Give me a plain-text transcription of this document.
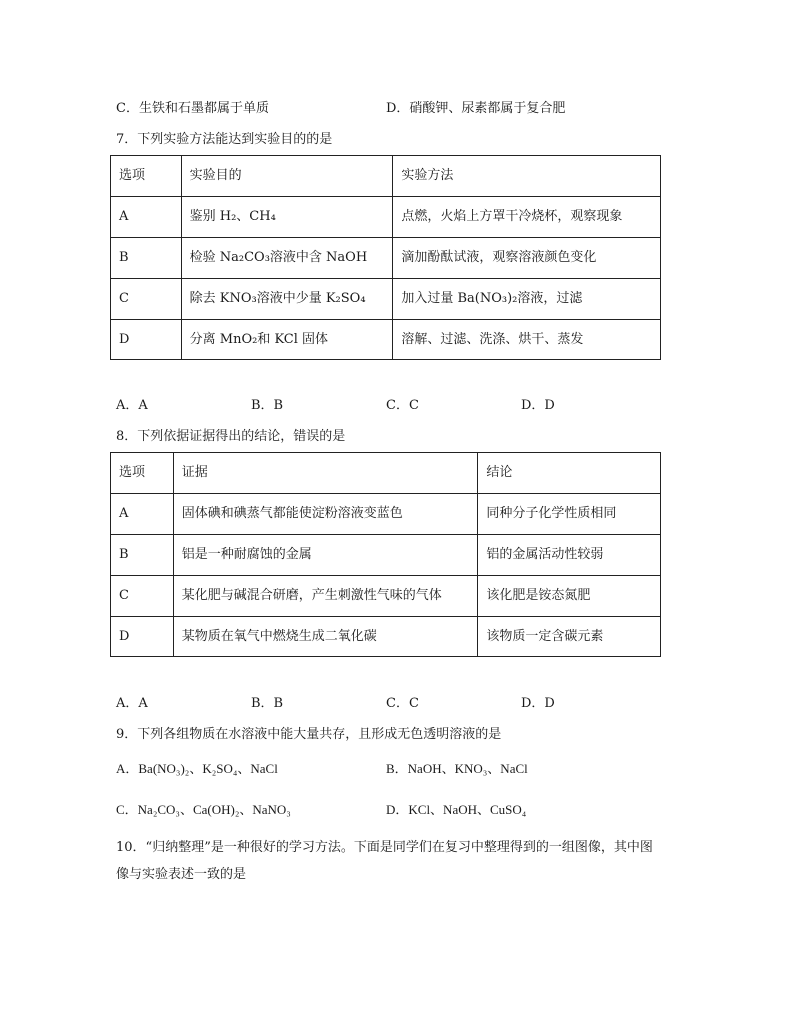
C．生铁和石墨都属于单质	D．硝酸钾、尿素都属于复合肥
7．下列实验方法能达到实验目的的是
选项	实验目的	实验方法
A	鉴别 H₂、CH₄	点燃，火焰上方罩干冷烧杯，观察现象
B	检验 Na₂CO₃溶液中含 NaOH	滴加酚酞试液，观察溶液颜色变化
C	除去 KNO₃溶液中少量 K₂SO₄	加入过量 Ba(NO₃)₂溶液，过滤
D	分离 MnO₂和 KCl 固体	溶解、过滤、洗涤、烘干、蒸发
A．A	B．B	C．C	D．D
8．下列依据证据得出的结论，错误的是
选项	证据	结论
A	固体碘和碘蒸气都能使淀粉溶液变蓝色	同种分子化学性质相同
B	铝是一种耐腐蚀的金属	铝的金属活动性较弱
C	某化肥与碱混合研磨，产生刺激性气味的气体	该化肥是铵态氮肥
D	某物质在氧气中燃烧生成二氧化碳	该物质一定含碳元素
A．A	B．B	C．C	D．D
9．下列各组物质在水溶液中能大量共存，且形成无色透明溶液的是
A．Ba(NO₃)₂、K₂SO₄、NaCl	B．NaOH、KNO₃、NaCl
C．Na₂CO₃、Ca(OH)₂、NaNO₃	D．KCl、NaOH、CuSO₄
10．“归纳整理”是一种很好的学习方法。下面是同学们在复习中整理得到的一组图像，其中图
像与实验表述一致的是
